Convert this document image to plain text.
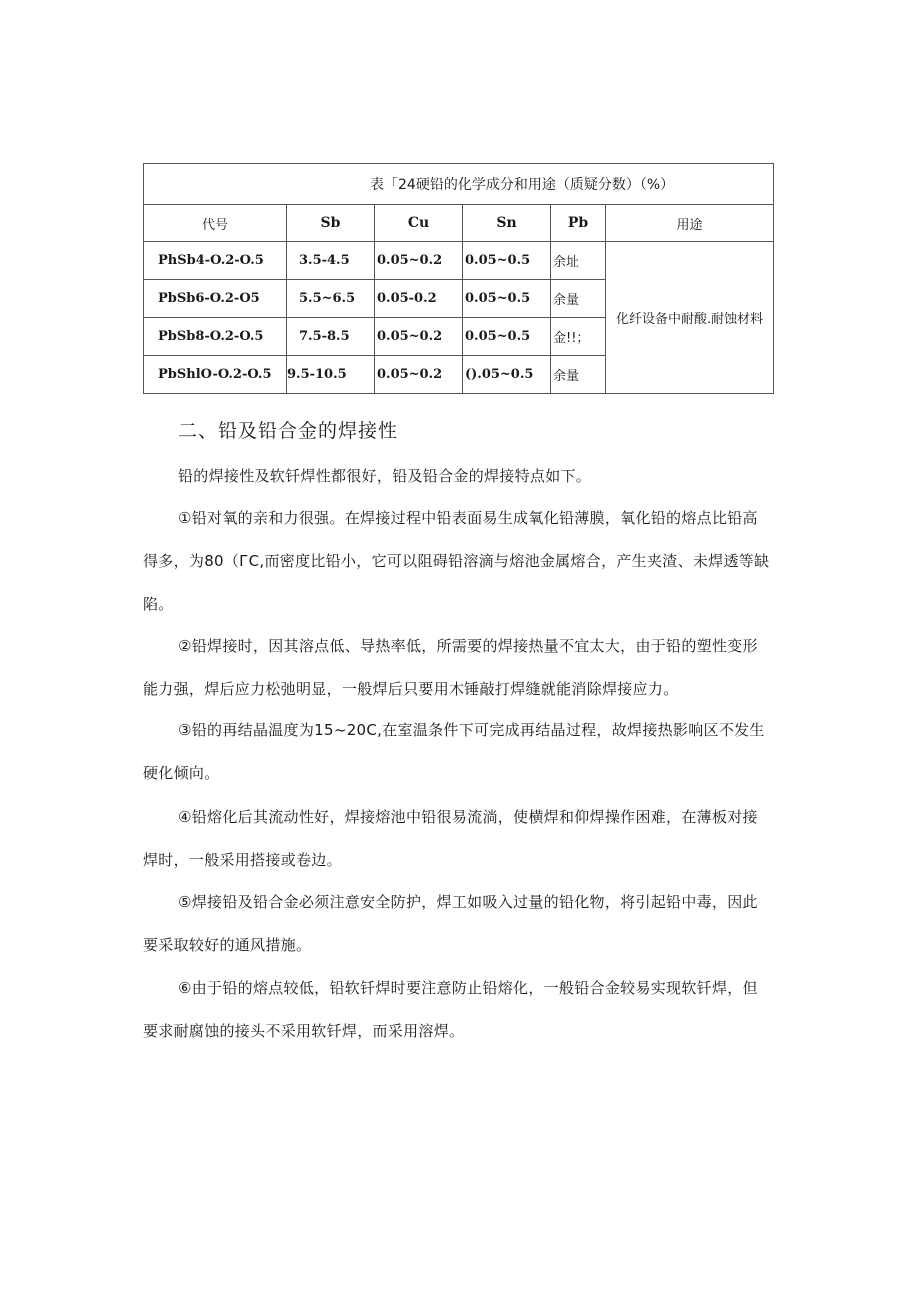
表「24硬铅的化学成分和用途（质疑分数）（%）					
代号	Sb	Cu	Sn	Pb	用途
PhSb4-O.2-O.5	3.5-4.5	0.05~0.2	0.05~0.5	余址	化纤设备中耐酸.耐蚀材料
PbSb6-O.2-O5	5.5~6.5	0.05-0.2	0.05~0.5	余量	
PbSb8-O.2-O.5	7.5-8.5	0.05~0.2	0.05~0.5	金!!；	
PbShlO-O.2-O.5	9.5-10.5	0.05~0.2	().05~0.5	余量	
二、铅及铅合金的焊接性

铅的焊接性及软钎焊性都很好，铅及铅合金的焊接特点如下。

①铅对氧的亲和力很强。在焊接过程中铅表面易生成氧化铅薄膜，氧化铅的熔点比铅高得多，为80（ГC,而密度比铅小，它可以阻碍铅溶滴与熔池金属熔合，产生夹渣、未焊透等缺陷。

②铅焊接时，因其溶点低、导热率低，所需要的焊接热量不宜太大，由于铅的塑性变形能力强，焊后应力松弛明显，一般焊后只要用木锤敲打焊缝就能消除焊接应力。

③铅的再结晶温度为15~20C,在室温条件下可完成再结晶过程，故焊接热影响区不发生硬化倾向。

④铅熔化后其流动性好，焊接熔池中铅很易流淌，使横焊和仰焊操作困难，在薄板对接焊时，一般采用搭接或卷边。

⑤焊接铅及铅合金必须注意安全防护，焊工如吸入过量的铅化物，将引起铅中毒，因此要采取较好的通风措施。

⑥由于铅的熔点较低，铅软钎焊时要注意防止铅熔化，一般铅合金较易实现软钎焊，但要求耐腐蚀的接头不采用软钎焊，而采用溶焊。
